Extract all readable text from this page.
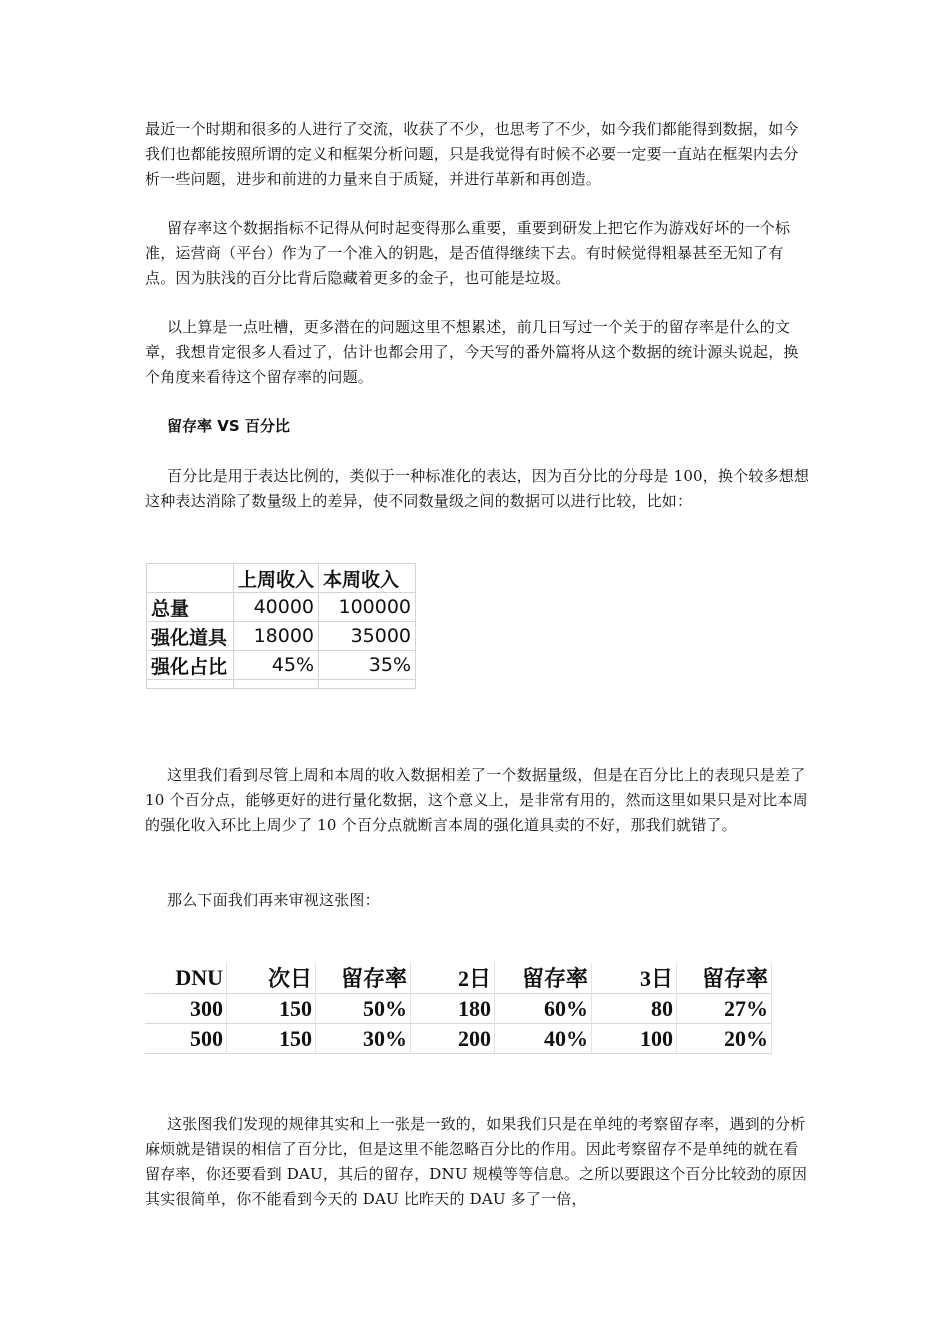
最近一个时期和很多的人进行了交流，收获了不少，也思考了不少，如今我们都能得到数据，如今我们也都能按照所谓的定义和框架分析问题，只是我觉得有时候不必要一定要一直站在框架内去分析一些问题，进步和前进的力量来自于质疑，并进行革新和再创造。

留存率这个数据指标不记得从何时起变得那么重要，重要到研发上把它作为游戏好坏的一个标准，运营商（平台）作为了一个准入的钥匙，是否值得继续下去。有时候觉得粗暴甚至无知了有点。因为肤浅的百分比背后隐藏着更多的金子，也可能是垃圾。

以上算是一点吐槽，更多潜在的问题这里不想累述，前几日写过一个关于的留存率是什么的文章，我想肯定很多人看过了，估计也都会用了，今天写的番外篇将从这个数据的统计源头说起，换个角度来看待这个留存率的问题。

留存率 VS 百分比

百分比是用于表达比例的，类似于一种标准化的表达，因为百分比的分母是 100，换个较多想想这种表达消除了数量级上的差异，使不同数量级之间的数据可以进行比较，比如：

	上周收入	本周收入
总量	40000	100000
强化道具	18000	35000
强化占比	45%	35%

这里我们看到尽管上周和本周的收入数据相差了一个数据量级，但是在百分比上的表现只是差了 10 个百分点，能够更好的进行量化数据，这个意义上，是非常有用的，然而这里如果只是对比本周的强化收入环比上周少了 10 个百分点就断言本周的强化道具卖的不好，那我们就错了。

那么下面我们再来审视这张图：

DNU	次日	留存率	2日	留存率	3日	留存率
300	150	50%	180	60%	80	27%
500	150	30%	200	40%	100	20%

这张图我们发现的规律其实和上一张是一致的，如果我们只是在单纯的考察留存率，遇到的分析麻烦就是错误的相信了百分比，但是这里不能忽略百分比的作用。因此考察留存不是单纯的就在看留存率，你还要看到 DAU，其后的留存，DNU 规模等等信息。之所以要跟这个百分比较劲的原因其实很简单，你不能看到今天的 DAU 比昨天的 DAU 多了一倍，
